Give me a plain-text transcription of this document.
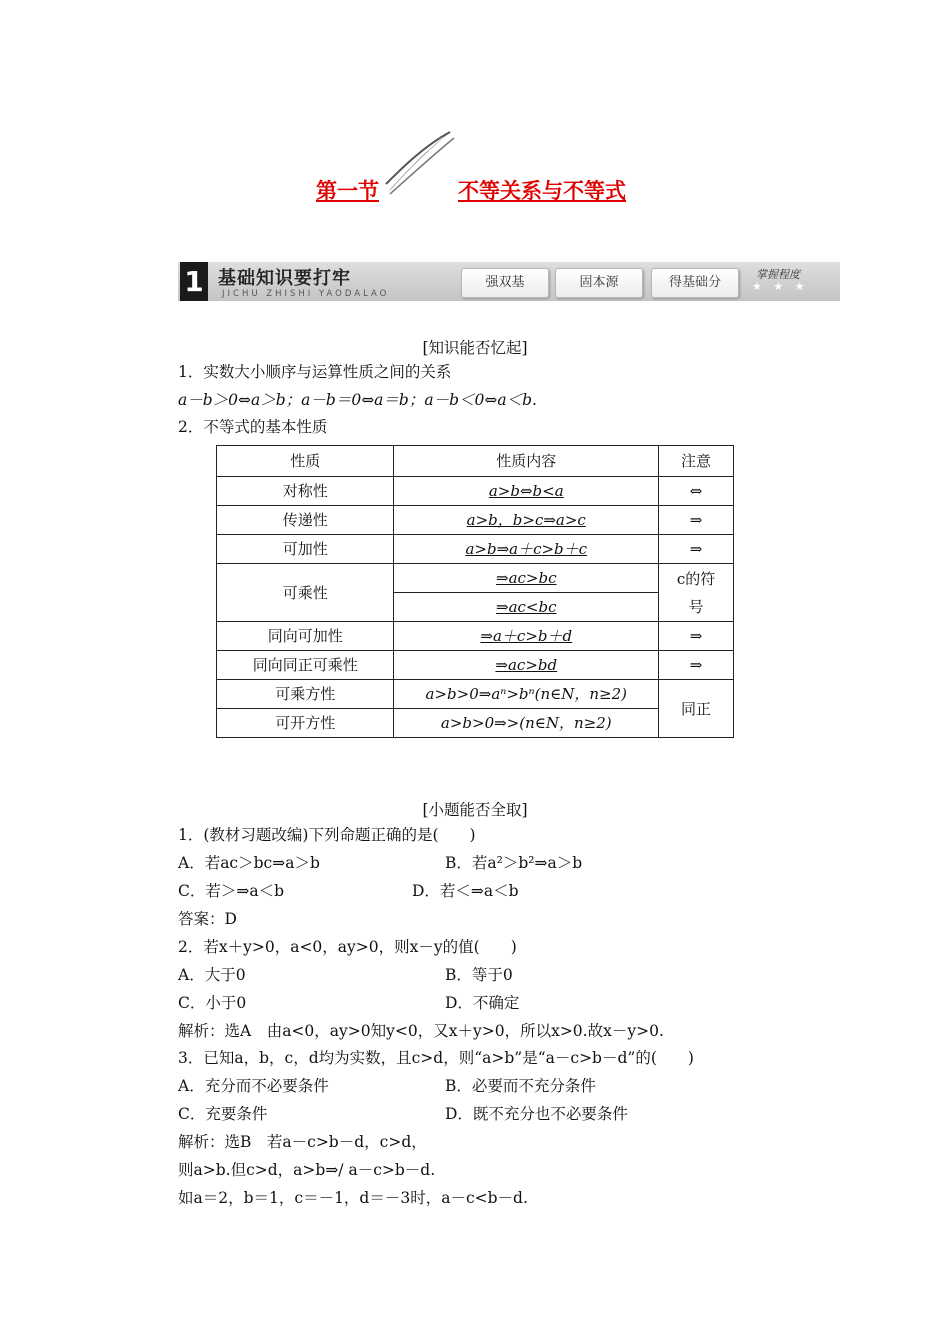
第一节	不等关系与不等式
1 基础知识要打牢
JICHU ZHISHI YAODALAO
强双基	固本源	得基础分
掌握程度
★ ★ ★
[知识能否忆起]
1．实数大小顺序与运算性质之间的关系
a－b＞0⇔a＞b；a－b＝0⇔a＝b；a－b＜0⇔a＜b.
2．不等式的基本性质
性质	性质内容	注意
对称性	a>b⇔b<a	⇔
传递性	a>b，b>c⇒a>c	⇒
可加性	a>b⇒a＋c>b＋c	⇒
可乘性	⇒ac>bc	c的符号
	⇒ac<bc	
同向可加性	⇒a＋c>b＋d	⇒
同向同正可乘性	⇒ac>bd	⇒
可乘方性	a>b>0⇒aⁿ>bⁿ(n∈N，n≥2)	同正
可开方性	a>b>0⇒>(n∈N，n≥2)	
[小题能否全取]
1．(教材习题改编)下列命题正确的是(　　)
A．若ac＞bc⇒a＞b	B．若a²＞b²⇒a＞b
C．若＞⇒a＜b	D．若＜⇒a＜b
答案：D
2．若x＋y>0，a<0，ay>0，则x－y的值(　　)
A．大于0	B．等于0
C．小于0	D．不确定
解析：选A　由a<0，ay>0知y<0，又x＋y>0，所以x>0.故x－y>0.
3．已知a，b，c，d均为实数，且c>d，则“a>b”是“a－c>b－d”的(　　)
A．充分而不必要条件	B．必要而不充分条件
C．充要条件	D．既不充分也不必要条件
解析：选B　若a－c>b－d，c>d，
则a>b.但c>d，a>b⇒/ a－c>b－d.
如a＝2，b＝1，c＝－1，d＝－3时，a－c<b－d.
